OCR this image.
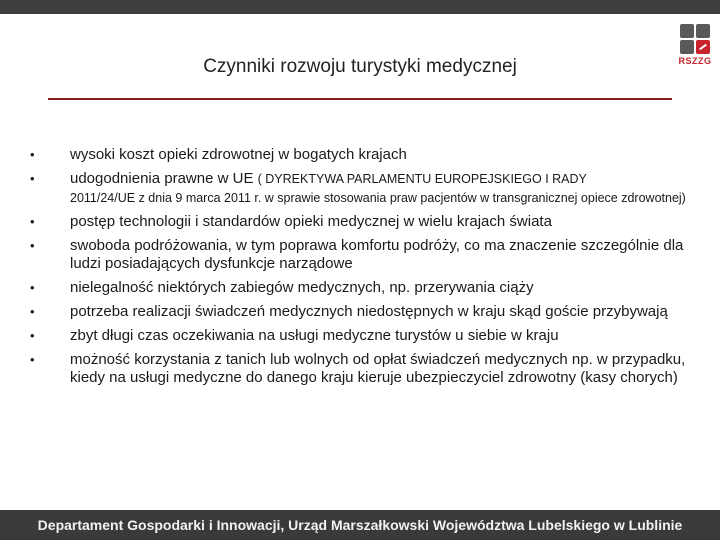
RSZZG
Czynniki rozwoju turystyki medycznej
• wysoki koszt opieki zdrowotnej w bogatych krajach
• udogodnienia prawne w UE ( DYREKTYWA PARLAMENTU EUROPEJSKIEGO I RADY
2011/24/UE z dnia 9 marca 2011 r. w sprawie stosowania praw pacjentów w transgranicznej opiece zdrowotnej)
• postęp technologii i standardów opieki medycznej w wielu krajach świata
• swoboda podróżowania, w tym poprawa komfortu podróży, co ma znaczenie szczególnie dla ludzi posiadających dysfunkcje narządowe
• nielegalność niektórych zabiegów medycznych, np. przerywania ciąży
• potrzeba realizacji świadczeń medycznych niedostępnych w kraju skąd goście przybywają
• zbyt długi czas oczekiwania na usługi medyczne turystów u siebie w kraju
• możność korzystania z tanich lub wolnych od opłat świadczeń medycznych np. w przypadku, kiedy na usługi medyczne do danego kraju kieruje ubezpieczyciel zdrowotny (kasy chorych)
Departament Gospodarki i Innowacji, Urząd Marszałkowski Województwa Lubelskiego w Lublinie
